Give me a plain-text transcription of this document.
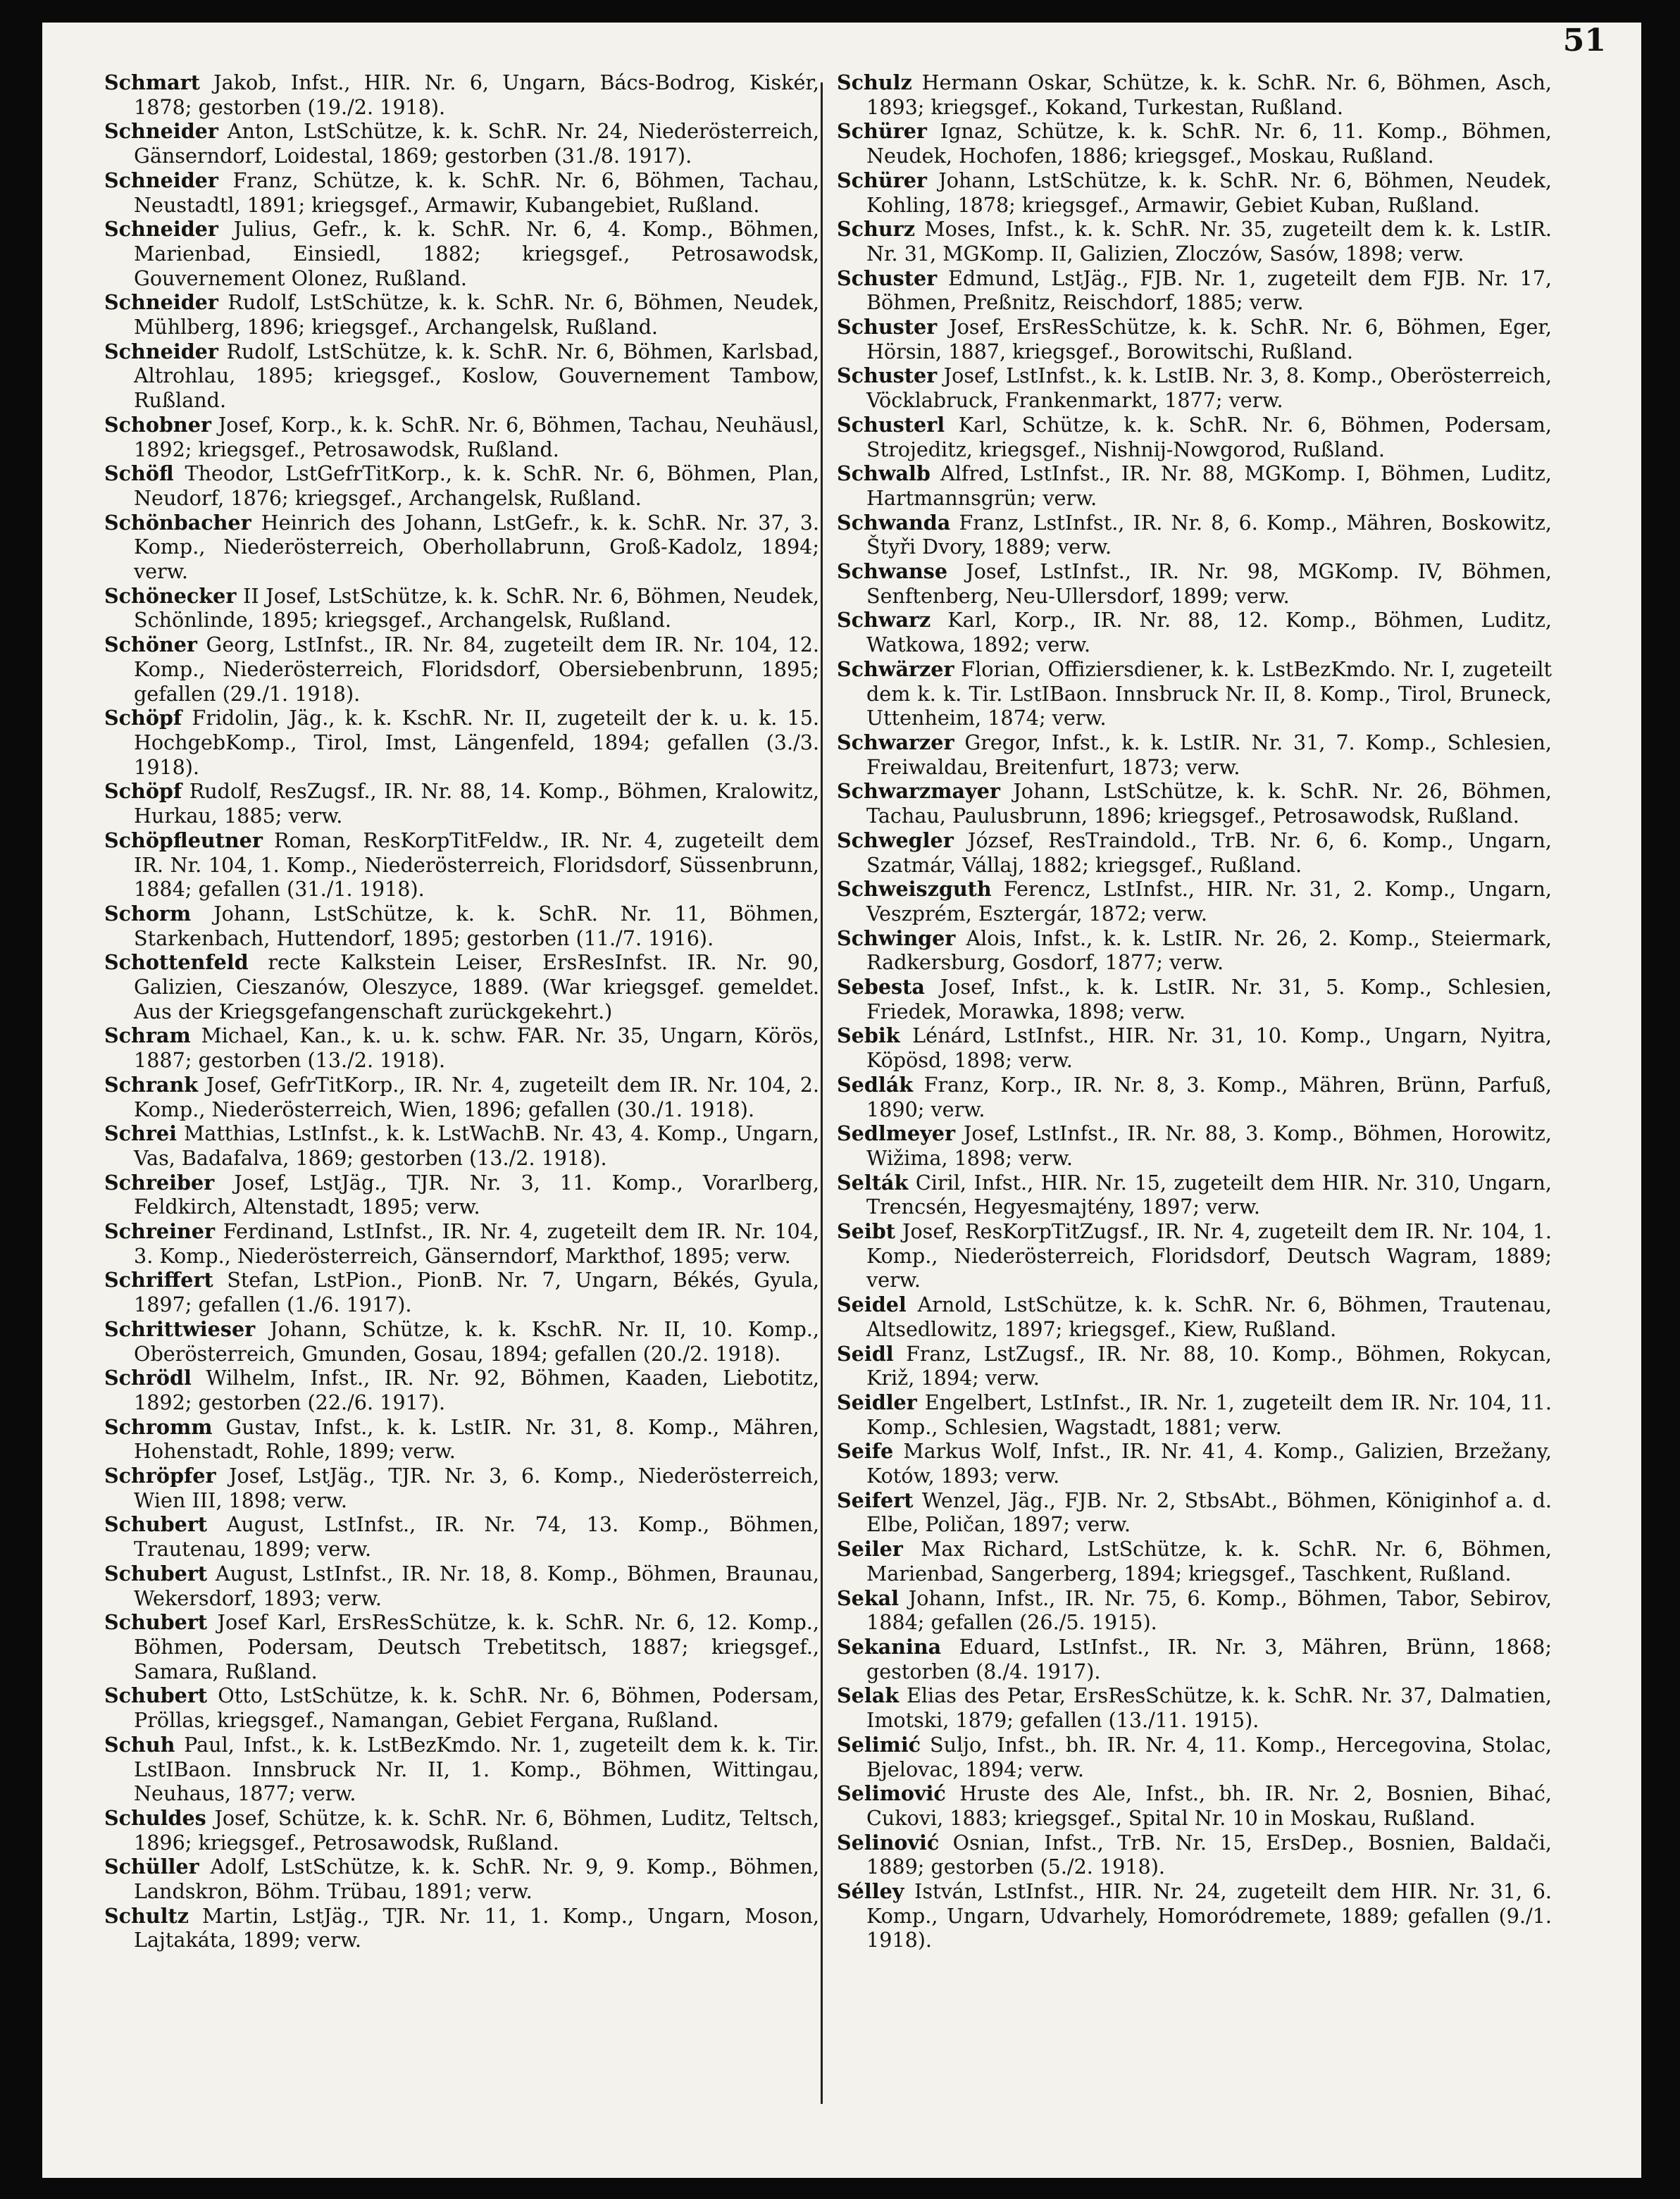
51

Schmart Jakob, Infst., HIR. Nr. 6, Ungarn, Bács-Bodrog, Kiskér, 1878; gestorben (19./2. 1918).

Schneider Anton, LstSchütze, k. k. SchR. Nr. 24, Niederösterreich, Gänserndorf, Loidestal, 1869; gestorben (31./8. 1917).

Schneider Franz, Schütze, k. k. SchR. Nr. 6, Böhmen, Tachau, Neustadtl, 1891; kriegsgef., Armawir, Kubangebiet, Rußland.

Schneider Julius, Gefr., k. k. SchR. Nr. 6, 4. Komp., Böhmen, Marienbad, Einsiedl, 1882; kriegsgef., Petrosawodsk, Gouvernement Olonez, Rußland.

Schneider Rudolf, LstSchütze, k. k. SchR. Nr. 6, Böhmen, Neudek, Mühlberg, 1896; kriegsgef., Archangelsk, Rußland.

Schneider Rudolf, LstSchütze, k. k. SchR. Nr. 6, Böhmen, Karlsbad, Altrohlau, 1895; kriegsgef., Koslow, Gouvernement Tambow, Rußland.

Schobner Josef, Korp., k. k. SchR. Nr. 6, Böhmen, Tachau, Neuhäusl, 1892; kriegsgef., Petrosawodsk, Rußland.

Schöfl Theodor, LstGefrTitKorp., k. k. SchR. Nr. 6, Böhmen, Plan, Neudorf, 1876; kriegsgef., Archangelsk, Rußland.

Schönbacher Heinrich des Johann, LstGefr., k. k. SchR. Nr. 37, 3. Komp., Niederösterreich, Oberhollabrunn, Groß-Kadolz, 1894; verw.

Schönecker II Josef, LstSchütze, k. k. SchR. Nr. 6, Böhmen, Neudek, Schönlinde, 1895; kriegsgef., Archangelsk, Rußland.

Schöner Georg, LstInfst., IR. Nr. 84, zugeteilt dem IR. Nr. 104, 12. Komp., Niederösterreich, Floridsdorf, Obersiebenbrunn, 1895; gefallen (29./1. 1918).

Schöpf Fridolin, Jäg., k. k. KschR. Nr. II, zugeteilt der k. u. k. 15. HochgebKomp., Tirol, Imst, Längenfeld, 1894; gefallen (3./3. 1918).

Schöpf Rudolf, ResZugsf., IR. Nr. 88, 14. Komp., Böhmen, Kralowitz, Hurkau, 1885; verw.

Schöpfleutner Roman, ResKorpTitFeldw., IR. Nr. 4, zugeteilt dem IR. Nr. 104, 1. Komp., Niederösterreich, Floridsdorf, Süssenbrunn, 1884; gefallen (31./1. 1918).

Schorm Johann, LstSchütze, k. k. SchR. Nr. 11, Böhmen, Starkenbach, Huttendorf, 1895; gestorben (11./7. 1916).

Schottenfeld recte Kalkstein Leiser, ErsResInfst. IR. Nr. 90, Galizien, Cieszanów, Oleszyce, 1889. (War kriegsgef. gemeldet. Aus der Kriegsgefangenschaft zurückgekehrt.)

Schram Michael, Kan., k. u. k. schw. FAR. Nr. 35, Ungarn, Körös, 1887; gestorben (13./2. 1918).

Schrank Josef, GefrTitKorp., IR. Nr. 4, zugeteilt dem IR. Nr. 104, 2. Komp., Niederösterreich, Wien, 1896; gefallen (30./1. 1918).

Schrei Matthias, LstInfst., k. k. LstWachB. Nr. 43, 4. Komp., Ungarn, Vas, Badafalva, 1869; gestorben (13./2. 1918).

Schreiber Josef, LstJäg., TJR. Nr. 3, 11. Komp., Vorarlberg, Feldkirch, Altenstadt, 1895; verw.

Schreiner Ferdinand, LstInfst., IR. Nr. 4, zugeteilt dem IR. Nr. 104, 3. Komp., Niederösterreich, Gänserndorf, Markthof, 1895; verw.

Schriffert Stefan, LstPion., PionB. Nr. 7, Ungarn, Békés, Gyula, 1897; gefallen (1./6. 1917).

Schrittwieser Johann, Schütze, k. k. KschR. Nr. II, 10. Komp., Oberösterreich, Gmunden, Gosau, 1894; gefallen (20./2. 1918).

Schrödl Wilhelm, Infst., IR. Nr. 92, Böhmen, Kaaden, Liebotitz, 1892; gestorben (22./6. 1917).

Schromm Gustav, Infst., k. k. LstIR. Nr. 31, 8. Komp., Mähren, Hohenstadt, Rohle, 1899; verw.

Schröpfer Josef, LstJäg., TJR. Nr. 3, 6. Komp., Niederösterreich, Wien III, 1898; verw.

Schubert August, LstInfst., IR. Nr. 74, 13. Komp., Böhmen, Trautenau, 1899; verw.

Schubert August, LstInfst., IR. Nr. 18, 8. Komp., Böhmen, Braunau, Wekersdorf, 1893; verw.

Schubert Josef Karl, ErsResSchütze, k. k. SchR. Nr. 6, 12. Komp., Böhmen, Podersam, Deutsch Trebetitsch, 1887; kriegsgef., Samara, Rußland.

Schubert Otto, LstSchütze, k. k. SchR. Nr. 6, Böhmen, Podersam, Pröllas, kriegsgef., Namangan, Gebiet Fergana, Rußland.

Schuh Paul, Infst., k. k. LstBezKmdo. Nr. 1, zugeteilt dem k. k. Tir. LstIBaon. Innsbruck Nr. II, 1. Komp., Böhmen, Wittingau, Neuhaus, 1877; verw.

Schuldes Josef, Schütze, k. k. SchR. Nr. 6, Böhmen, Luditz, Teltsch, 1896; kriegsgef., Petrosawodsk, Rußland.

Schüller Adolf, LstSchütze, k. k. SchR. Nr. 9, 9. Komp., Böhmen, Landskron, Böhm. Trübau, 1891; verw.

Schultz Martin, LstJäg., TJR. Nr. 11, 1. Komp., Ungarn, Moson, Lajtakáta, 1899; verw.

Schulz Hermann Oskar, Schütze, k. k. SchR. Nr. 6, Böhmen, Asch, 1893; kriegsgef., Kokand, Turkestan, Rußland.

Schürer Ignaz, Schütze, k. k. SchR. Nr. 6, 11. Komp., Böhmen, Neudek, Hochofen, 1886; kriegsgef., Moskau, Rußland.

Schürer Johann, LstSchütze, k. k. SchR. Nr. 6, Böhmen, Neudek, Kohling, 1878; kriegsgef., Armawir, Gebiet Kuban, Rußland.

Schurz Moses, Infst., k. k. SchR. Nr. 35, zugeteilt dem k. k. LstIR. Nr. 31, MGKomp. II, Galizien, Zloczów, Sasów, 1898; verw.

Schuster Edmund, LstJäg., FJB. Nr. 1, zugeteilt dem FJB. Nr. 17, Böhmen, Preßnitz, Reischdorf, 1885; verw.

Schuster Josef, ErsResSchütze, k. k. SchR. Nr. 6, Böhmen, Eger, Hörsin, 1887, kriegsgef., Borowitschi, Rußland.

Schuster Josef, LstInfst., k. k. LstIB. Nr. 3, 8. Komp., Oberösterreich, Vöcklabruck, Frankenmarkt, 1877; verw.

Schusterl Karl, Schütze, k. k. SchR. Nr. 6, Böhmen, Podersam, Strojeditz, kriegsgef., Nishnij-Nowgorod, Rußland.

Schwalb Alfred, LstInfst., IR. Nr. 88, MGKomp. I, Böhmen, Luditz, Hartmannsgrün; verw.

Schwanda Franz, LstInfst., IR. Nr. 8, 6. Komp., Mähren, Boskowitz, Štyři Dvory, 1889; verw.

Schwanse Josef, LstInfst., IR. Nr. 98, MGKomp. IV, Böhmen, Senftenberg, Neu-Ullersdorf, 1899; verw.

Schwarz Karl, Korp., IR. Nr. 88, 12. Komp., Böhmen, Luditz, Watkowa, 1892; verw.

Schwärzer Florian, Offiziersdiener, k. k. LstBezKmdo. Nr. I, zugeteilt dem k. k. Tir. LstIBaon. Innsbruck Nr. II, 8. Komp., Tirol, Bruneck, Uttenheim, 1874; verw.

Schwarzer Gregor, Infst., k. k. LstIR. Nr. 31, 7. Komp., Schlesien, Freiwaldau, Breitenfurt, 1873; verw.

Schwarzmayer Johann, LstSchütze, k. k. SchR. Nr. 26, Böhmen, Tachau, Paulusbrunn, 1896; kriegsgef., Petrosawodsk, Rußland.

Schwegler József, ResTraindold., TrB. Nr. 6, 6. Komp., Ungarn, Szatmár, Vállaj, 1882; kriegsgef., Rußland.

Schweiszguth Ferencz, LstInfst., HIR. Nr. 31, 2. Komp., Ungarn, Veszprém, Esztergár, 1872; verw.

Schwinger Alois, Infst., k. k. LstIR. Nr. 26, 2. Komp., Steiermark, Radkersburg, Gosdorf, 1877; verw.

Sebesta Josef, Infst., k. k. LstIR. Nr. 31, 5. Komp., Schlesien, Friedek, Morawka, 1898; verw.

Sebik Lénárd, LstInfst., HIR. Nr. 31, 10. Komp., Ungarn, Nyitra, Köpösd, 1898; verw.

Sedlák Franz, Korp., IR. Nr. 8, 3. Komp., Mähren, Brünn, Parfuß, 1890; verw.

Sedlmeyer Josef, LstInfst., IR. Nr. 88, 3. Komp., Böhmen, Horowitz, Wižima, 1898; verw.

Selták Ciril, Infst., HIR. Nr. 15, zugeteilt dem HIR. Nr. 310, Ungarn, Trencsén, Hegyesmajtény, 1897; verw.

Seibt Josef, ResKorpTitZugsf., IR. Nr. 4, zugeteilt dem IR. Nr. 104, 1. Komp., Niederösterreich, Floridsdorf, Deutsch Wagram, 1889; verw.

Seidel Arnold, LstSchütze, k. k. SchR. Nr. 6, Böhmen, Trautenau, Altsedlowitz, 1897; kriegsgef., Kiew, Rußland.

Seidl Franz, LstZugsf., IR. Nr. 88, 10. Komp., Böhmen, Rokycan, Križ, 1894; verw.

Seidler Engelbert, LstInfst., IR. Nr. 1, zugeteilt dem IR. Nr. 104, 11. Komp., Schlesien, Wagstadt, 1881; verw.

Seife Markus Wolf, Infst., IR. Nr. 41, 4. Komp., Galizien, Brzežany, Kotów, 1893; verw.

Seifert Wenzel, Jäg., FJB. Nr. 2, StbsAbt., Böhmen, Königinhof a. d. Elbe, Poličan, 1897; verw.

Seiler Max Richard, LstSchütze, k. k. SchR. Nr. 6, Böhmen, Marienbad, Sangerberg, 1894; kriegsgef., Taschkent, Rußland.

Sekal Johann, Infst., IR. Nr. 75, 6. Komp., Böhmen, Tabor, Sebirov, 1884; gefallen (26./5. 1915).

Sekanina Eduard, LstInfst., IR. Nr. 3, Mähren, Brünn, 1868; gestorben (8./4. 1917).

Selak Elias des Petar, ErsResSchütze, k. k. SchR. Nr. 37, Dalmatien, Imotski, 1879; gefallen (13./11. 1915).

Selimić Suljo, Infst., bh. IR. Nr. 4, 11. Komp., Hercegovina, Stolac, Bjelovac, 1894; verw.

Selimović Hruste des Ale, Infst., bh. IR. Nr. 2, Bosnien, Bihać, Cukovi, 1883; kriegsgef., Spital Nr. 10 in Moskau, Rußland.

Selinović Osnian, Infst., TrB. Nr. 15, ErsDep., Bosnien, Baldači, 1889; gestorben (5./2. 1918).

Sélley István, LstInfst., HIR. Nr. 24, zugeteilt dem HIR. Nr. 31, 6. Komp., Ungarn, Udvarhely, Homoródremete, 1889; gefallen (9./1. 1918).
